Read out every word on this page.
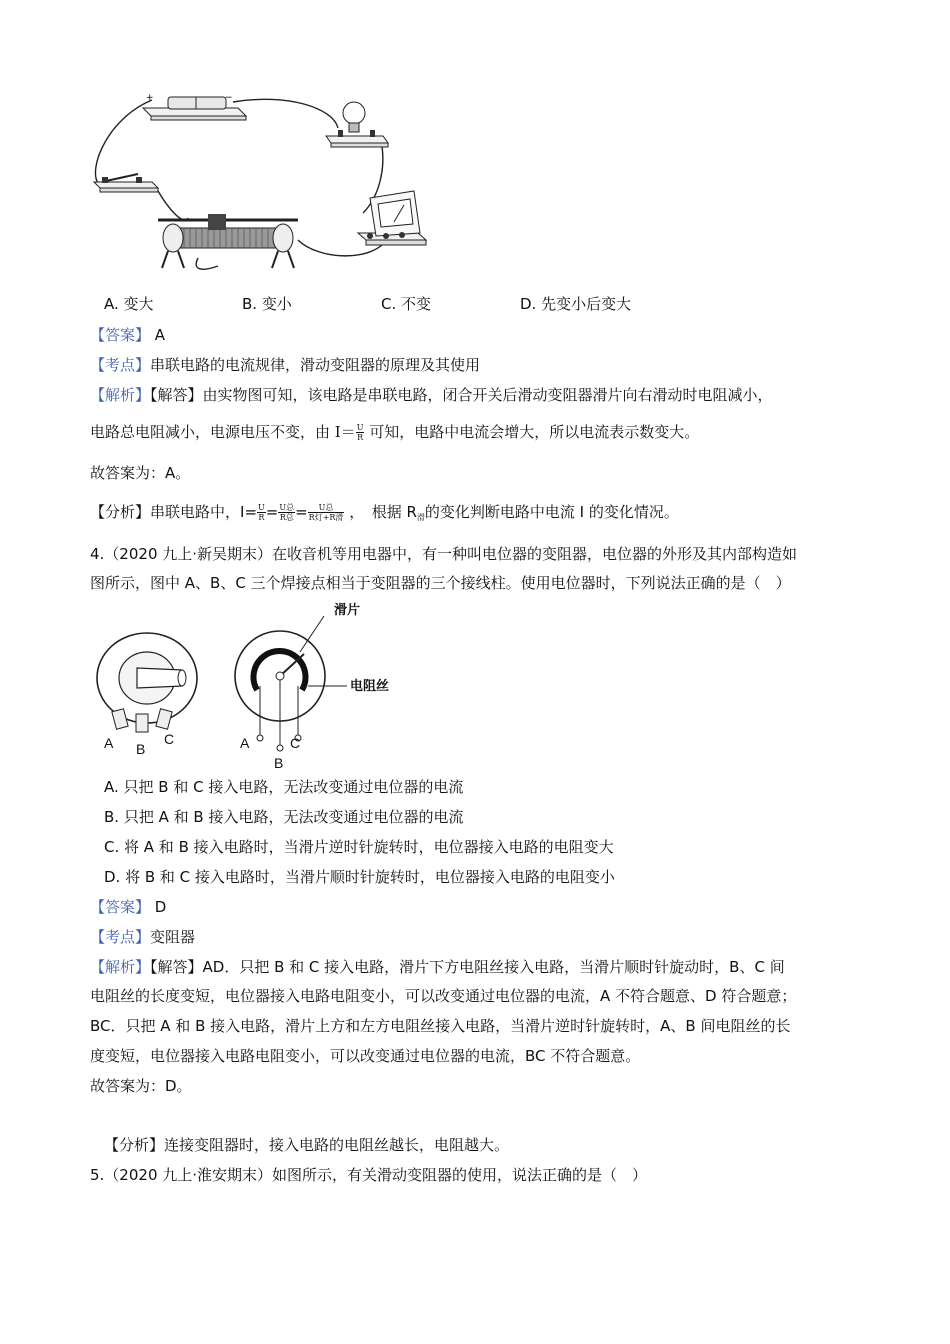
+	−
A. 变大	B. 变小	C. 不变	D. 先变小后变大
【答案】 A
【考点】串联电路的电流规律，滑动变阻器的原理及其使用
【解析】【解答】由实物图可知，该电路是串联电路，闭合开关后滑动变阻器滑片向右滑动时电阻减小，
电路总电阻减小，电源电压不变，由 $I= \frac{U}{R}$ 可知，电路中电流会增大，所以电流表示数变大。
故答案为：A。
【分析】串联电路中，$I= \frac{U}{R} = \frac{\text{U总}}{\text{R总}} = \frac{\text{U总}}{\text{R灯+R滑}}$ ，　根据 $R_滑$的变化判断电路中电流 I 的变化情况。
4.（2020 九上·新吴期末）在收音机等用电器中，有一种叫电位器的变阻器，电位器的外形及其内部构造如
图所示，图中 A、B、C 三个焊接点相当于变阻器的三个接线柱。使用电位器时，下列说法正确的是（　）
A B
C
滑片
电阻丝
A
B
C
A. 只把 B 和 C 接入电路，无法改变通过电位器的电流
B. 只把 A 和 B 接入电路，无法改变通过电位器的电流
C. 将 A 和 B 接入电路时，当滑片逆时针旋转时，电位器接入电路的电阻变大
D. 将 B 和 C 接入电路时，当滑片顺时针旋转时，电位器接入电路的电阻变小
【答案】 D
【考点】变阻器
【解析】【解答】AD．只把 B 和 C 接入电路，滑片下方电阻丝接入电路，当滑片顺时针旋动时，B、C 间
电阻丝的长度变短，电位器接入电路电阻变小，可以改变通过电位器的电流，A 不符合题意、D 符合题意；
BC．只把 A 和 B 接入电路，滑片上方和左方电阻丝接入电路，当滑片逆时针旋转时，A、B 间电阻丝的长
度变短，电位器接入电路电阻变小，可以改变通过电位器的电流，BC 不符合题意。
故答案为：D。
【分析】连接变阻器时，接入电路的电阻丝越长，电阻越大。
5.（2020 九上·淮安期末）如图所示，有关滑动变阻器的使用，说法正确的是（　）
